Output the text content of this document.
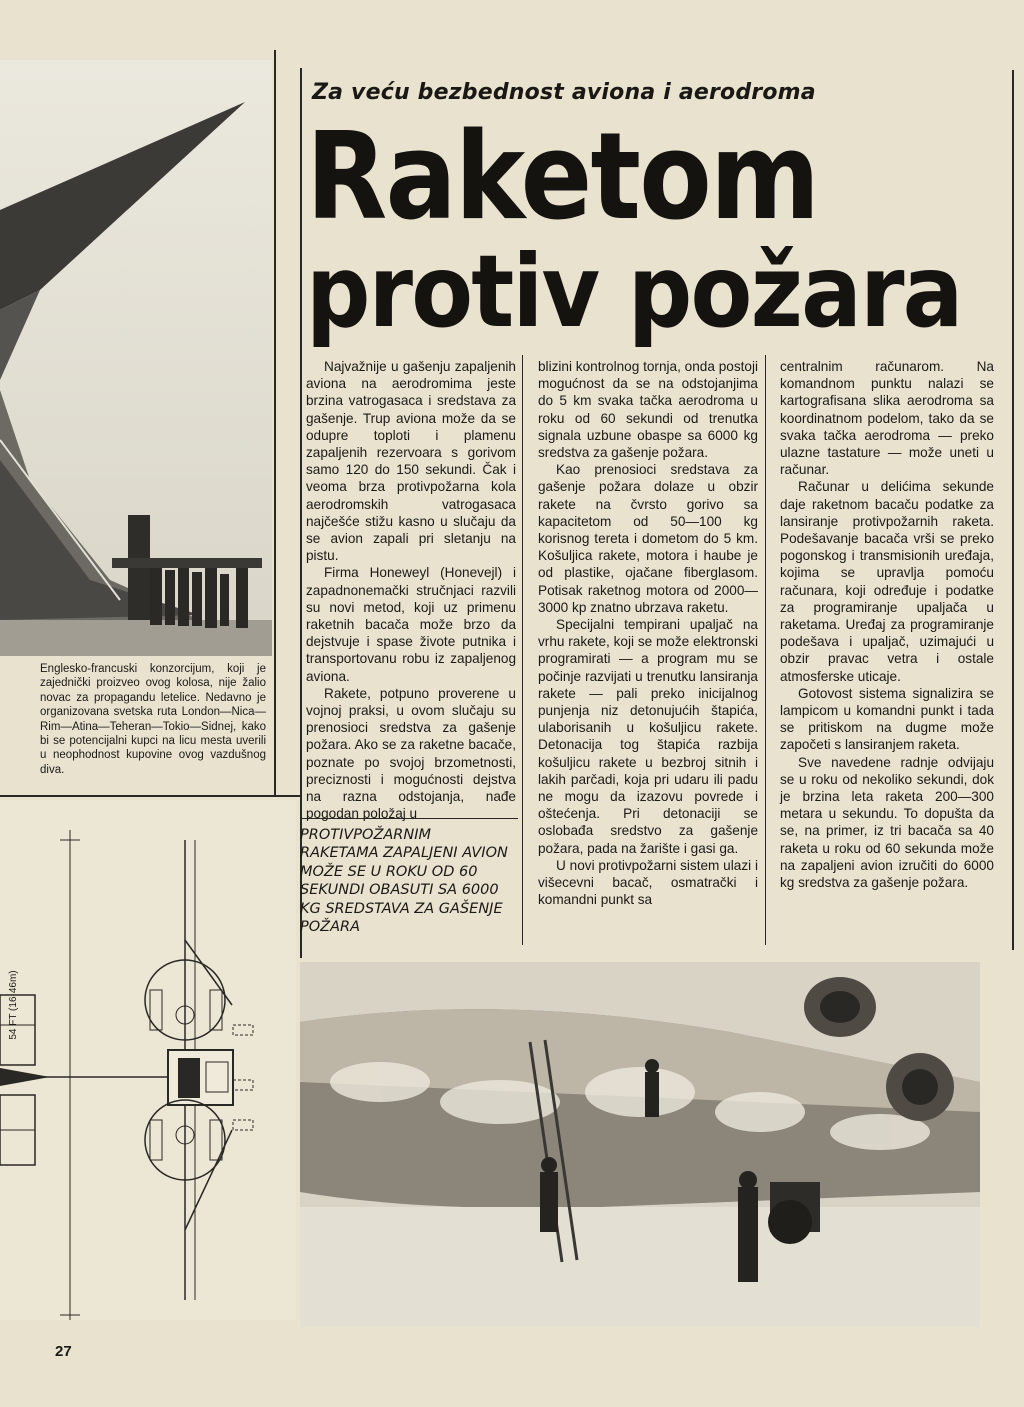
Englesko-francuski konzorcijum, koji je zajednički proizveo ovog kolosa, nije žalio novac za propagandu letelice. Nedavno je organizovana svetska ruta London—Nica—Rim—Atina—Teheran—Tokio—Sidnej, kako bi se potencijalni kupci na licu mesta uverili u neophodnost kupovine ovog vazdušnog diva.
54 FT (16·46m)
Za veću bezbednost aviona i aerodroma
Raketom
protiv požara

Najvažnije u gašenju zapaljenih aviona na aerodromima jeste brzina vatrogasaca i sredstava za gašenje. Trup aviona može da se odupre toploti i plamenu zapaljenih rezervoara s gorivom samo 120 do 150 sekundi. Čak i veoma brza protivpožarna kola aerodromskih vatrogasaca najčešće stižu kasno u slučaju da se avion zapali pri sletanju na pistu.

Firma Honeweyl (Honevejl) i zapadnonemački stručnjaci razvili su novi metod, koji uz primenu raketnih bacača može brzo da dejstvuje i spase živote putnika i transportovanu robu iz zapaljenog aviona.

Rakete, potpuno proverene u vojnoj praksi, u ovom slučaju su prenosioci sredstva za gašenje požara. Ako se za raketne bacače, poznate po svojoj brzometnosti, preciznosti i mogućnosti dejstva na razna odstojanja, nađe pogodan položaj u

PROTIVPOŽARNIM RAKETAMA ZAPALJENI AVION MOŽE SE U ROKU OD 60 SEKUNDI OBASUTI SA 6000 KG SREDSTAVA ZA GAŠENJE POŽARA

blizini kontrolnog tornja, onda postoji mogućnost da se na odstojanjima do 5 km svaka tačka aerodroma u roku od 60 sekundi od trenutka signala uzbune obaspe sa 6000 kg sredstva za gašenje požara.

Kao prenosioci sredstava za gašenje požara dolaze u obzir rakete na čvrsto gorivo sa kapacitetom od 50—100 kg korisnog tereta i dometom do 5 km. Košuljica rakete, motora i haube je od plastike, ojačane fiberglasom. Potisak raketnog motora od 2000—3000 kp znatno ubrzava raketu.

Specijalni tempirani upaljač na vrhu rakete, koji se može elektronski programirati — a program mu se počinje razvijati u trenutku lansiranja rakete — pali preko inicijalnog punjenja niz detonujućih štapića, ulaborisanih u košuljicu rakete. Detonacija tog štapića razbija košuljicu rakete u bezbroj sitnih i lakih parčadi, koja pri udaru ili padu ne mogu da izazovu povrede i oštećenja. Pri detonaciji se oslobađa sredstvo za gašenje požara, pada na žarište i gasi ga.

U novi protivpožarni sistem ulazi i višecevni bacač, osmatrački i komandni punkt sa

centralnim računarom. Na komandnom punktu nalazi se kartografisana slika aerodroma sa koordinatnom podelom, tako da se svaka tačka aerodroma — preko ulazne tastature — može uneti u računar.

Računar u delićima sekunde daje raketnom bacaču podatke za lansiranje protivpožarnih raketa. Podešavanje bacača vrši se preko pogonskog i transmisionih uređaja, kojima se upravlja pomoću računara, koji određuje i podatke za programiranje upaljača u raketama. Uređaj za programiranje podešava i upaljač, uzimajući u obzir pravac vetra i ostale atmosferske uticaje.

Gotovost sistema signalizira se lampicom u komandni punkt i tada se pritiskom na dugme može započeti s lansiranjem raketa.

Sve navedene radnje odvijaju se u roku od nekoliko sekundi, dok je brzina leta raketa 200—300 metara u sekundu. To dopušta da se, na primer, iz tri bacača sa 40 raketa u roku od 60 sekunda može na zapaljeni avion izručiti do 6000 kg sredstva za gašenje požara.

27
